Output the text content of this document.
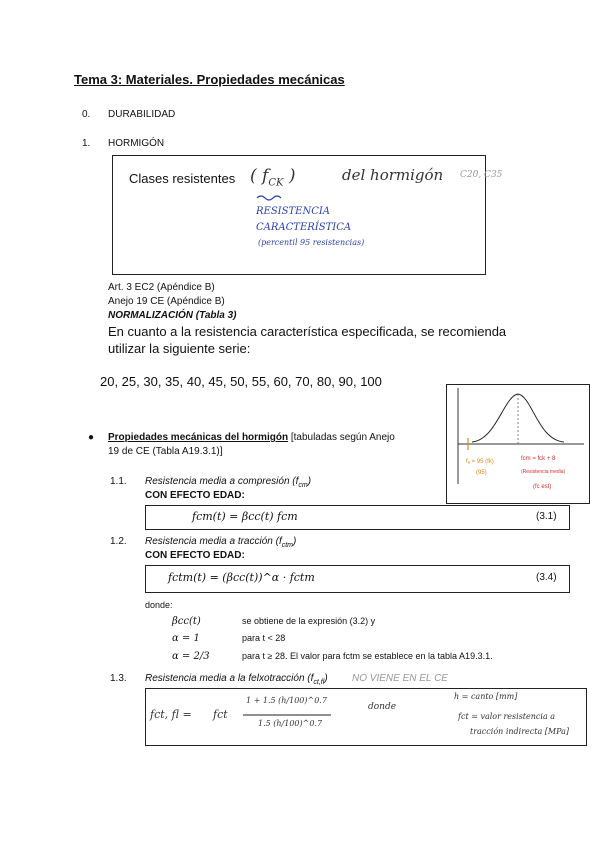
Tema 3: Materiales. Propiedades mecánicas
0. DURABILIDAD
1. HORMIGÓN
Clases resistentes ( $f_{CK}$ )	del hormigón C20, C35
RESISTENCIA
CARACTERÍSTICA
(percentil 95 resistencias)
Art. 3 EC2 (Apéndice B)
Anejo 19 CE (Apéndice B)
NORMALIZACIÓN (Tabla 3)
En cuanto a la resistencia característica especificada, se recomienda
utilizar la siguiente serie:
20, 25, 30, 35, 40, 45, 50, 55, 60, 70, 80, 90, 100
fₐ = 95 (fk)
(95)
fcm = fck + 8
(Resistencia media)
(fc est)
● Propiedades mecánicas del hormigón [tabuladas según Anejo
19 de CE (Tabla A19.3.1)]
1.1. Resistencia media a compresión $(f_{cm})$
CON EFECTO EDAD:
fcm(t) = βcc(t) fcm	(3.1)
1.2. Resistencia media a tracción $(f_{ctm})$
CON EFECTO EDAD:
fctm(t) = (βcc(t))^α · fctm	(3.4)
donde:
βcc(t)	se obtiene de la expresión (3.2) y
α = 1	para t < 28
α = 2/3	para t ≥ 28. El valor para fctm se establece en la tabla A19.3.1.
1.3. Resistencia media a la felxotracción $(f_{ct,fl})$ NO VIENE EN EL CE
fct, fl = fct
1 + 1.5 (h/100)^0.7
1.5 (h/100)^0.7
donde
h = canto [mm]
fct = valor resistencia a
tracción indirecta [MPa]
